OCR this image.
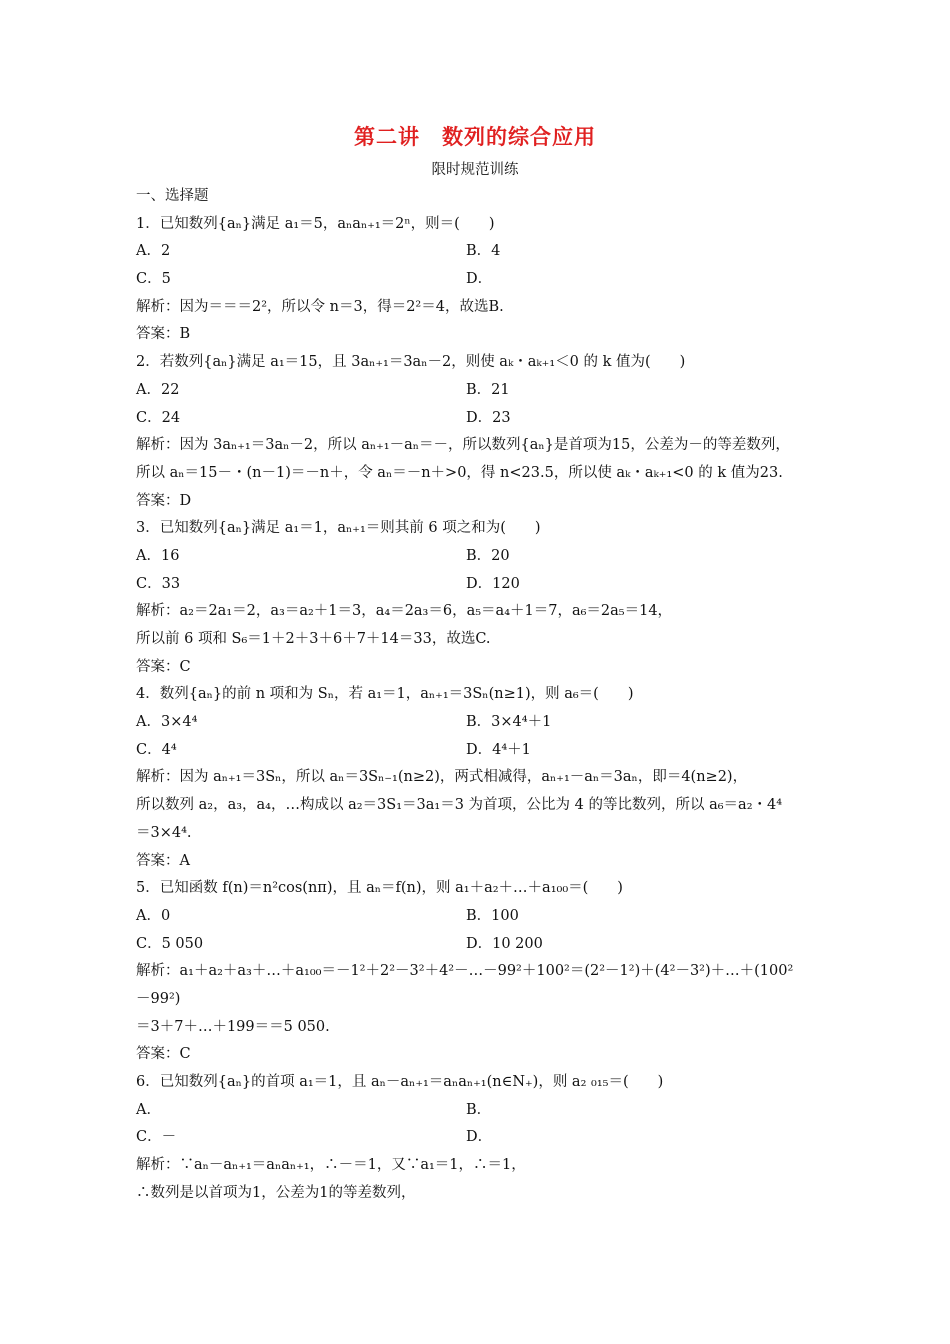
第二讲　数列的综合应用
限时规范训练
一、选择题
1．已知数列{aₙ}满足 a₁＝5，aₙaₙ₊₁＝2ⁿ，则＝(　　)
A．2	B．4
C．5	D．
解析：因为＝＝＝2²，所以令 n＝3，得＝2²＝4，故选B.
答案：B
2．若数列{aₙ}满足 a₁＝15，且 3aₙ₊₁＝3aₙ－2，则使 aₖ・aₖ₊₁＜0 的 k 值为(　　)
A．22	B．21
C．24	D．23
解析：因为 3aₙ₊₁＝3aₙ－2，所以 aₙ₊₁－aₙ＝－，所以数列{aₙ}是首项为15，公差为－的等差数列，
所以 aₙ＝15－・(n－1)＝－n＋，令 aₙ＝－n＋>0，得 n<23.5，所以使 aₖ・aₖ₊₁<0 的 k 值为23.
答案：D
3．已知数列{aₙ}满足 a₁＝1，aₙ₊₁＝则其前 6 项之和为(　　)
A．16	B．20
C．33	D．120
解析：a₂＝2a₁＝2，a₃＝a₂＋1＝3，a₄＝2a₃＝6，a₅＝a₄＋1＝7，a₆＝2a₅＝14，
所以前 6 项和 S₆＝1＋2＋3＋6＋7＋14＝33，故选C.
答案：C
4．数列{aₙ}的前 n 项和为 Sₙ，若 a₁＝1，aₙ₊₁＝3Sₙ(n≥1)，则 a₆＝(　　)
A．3×4⁴	B．3×4⁴＋1
C．4⁴	D．4⁴＋1
解析：因为 aₙ₊₁＝3Sₙ，所以 aₙ＝3Sₙ₋₁(n≥2)，两式相减得，aₙ₊₁－aₙ＝3aₙ，即＝4(n≥2)，
所以数列 a₂，a₃，a₄，…构成以 a₂＝3S₁＝3a₁＝3 为首项，公比为 4 的等比数列，所以 a₆＝a₂・4⁴
＝3×4⁴.
答案：A
5．已知函数 f(n)＝n²cos(nπ)，且 aₙ＝f(n)，则 a₁＋a₂＋…＋a₁₀₀＝(　　)
A．0	B．100
C．5 050	D．10 200
解析：a₁＋a₂＋a₃＋…＋a₁₀₀＝－1²＋2²－3²＋4²－…－99²＋100²＝(2²－1²)＋(4²－3²)＋…＋(100²
－99²)
＝3＋7＋…＋199＝＝5 050.
答案：C
6．已知数列{aₙ}的首项 a₁＝1，且 aₙ－aₙ₊₁＝aₙaₙ₊₁(n∈N₊)，则 a₂ ₀₁₅＝(　　)
A．	B．
C．－	D．
解析：∵aₙ－aₙ₊₁＝aₙaₙ₊₁，∴－＝1，又∵a₁＝1，∴＝1，
∴数列是以首项为1，公差为1的等差数列，
